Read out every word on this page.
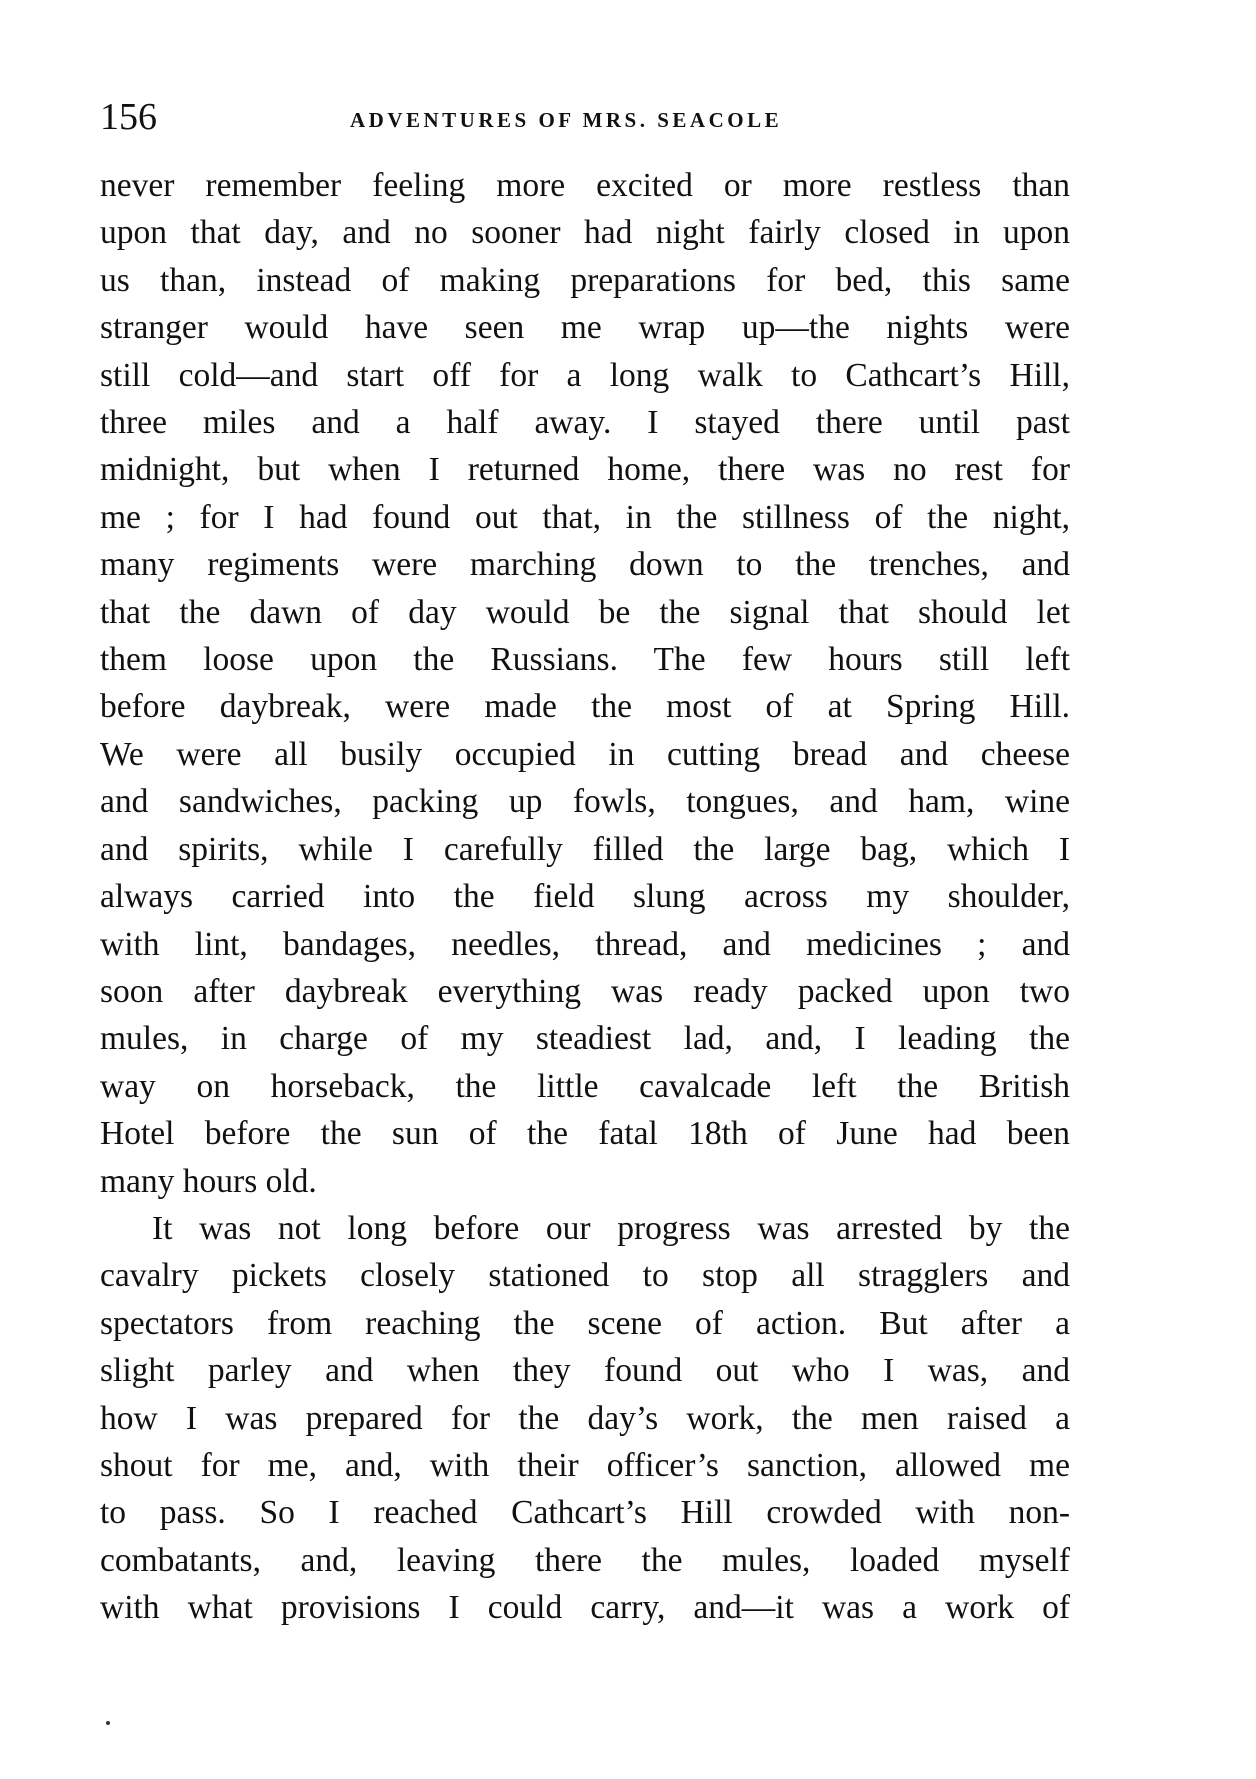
156	ADVENTURES OF MRS. SEACOLE
never remember feeling more excited or more restless than
upon that day, and no sooner had night fairly closed in upon
us than, instead of making preparations for bed, this same
stranger would have seen me wrap up—the nights were
still cold—and start off for a long walk to Cathcart’s Hill,
three miles and a half away. I stayed there until past
midnight, but when I returned home, there was no rest for
me ; for I had found out that, in the stillness of the night,
many regiments were marching down to the trenches, and
that the dawn of day would be the signal that should let
them loose upon the Russians. The few hours still left
before daybreak, were made the most of at Spring Hill.
We were all busily occupied in cutting bread and cheese
and sandwiches, packing up fowls, tongues, and ham, wine
and spirits, while I carefully filled the large bag, which I
always carried into the field slung across my shoulder,
with lint, bandages, needles, thread, and medicines ; and
soon after daybreak everything was ready packed upon two
mules, in charge of my steadiest lad, and, I leading the
way on horseback, the little cavalcade left the British
Hotel before the sun of the fatal 18th of June had been
many hours old.
It was not long before our progress was arrested by the
cavalry pickets closely stationed to stop all stragglers and
spectators from reaching the scene of action. But after a
slight parley and when they found out who I was, and
how I was prepared for the day’s work, the men raised a
shout for me, and, with their officer’s sanction, allowed me
to pass. So I reached Cathcart’s Hill crowded with non-
combatants, and, leaving there the mules, loaded myself
with what provisions I could carry, and—it was a work of
